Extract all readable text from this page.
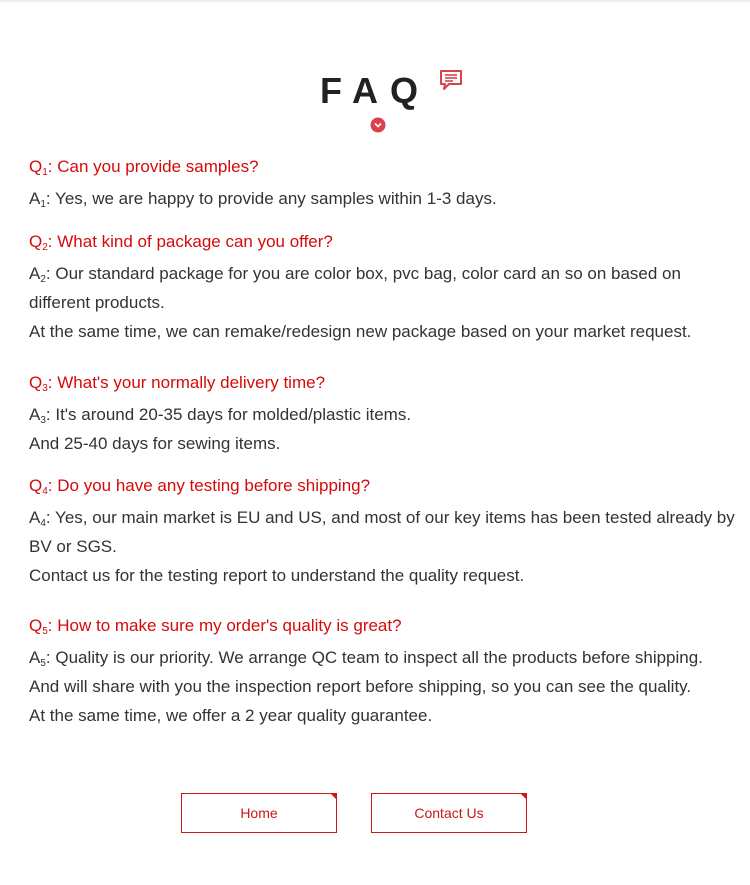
FAQ

$Q_1$: Can you provide samples?

$A_1$: Yes, we are happy to provide any samples within 1-3 days.

$Q_2$: What kind of package can you offer?

$A_2$: Our standard package for you are color box, pvc bag, color card an so on based on different products.

At the same time, we can remake/redesign new package based on your market request.

$Q_3$: What's your normally delivery time?

$A_3$: It's around 20-35 days for molded/plastic items.

And 25-40 days for sewing items.

$Q_4$: Do you have any testing before shipping?

$A_4$: Yes, our main market is EU and US, and most of our key items has been tested already by BV or SGS.

Contact us for the testing report to understand the quality request.

$Q_5$: How to make sure my order's quality is great?

$A_5$: Quality is our priority. We arrange QC team to inspect all the products before shipping.

And will share with you the inspection report before shipping, so you can see the quality.

At the same time, we offer a 2 year quality guarantee.

Home	Contact Us
